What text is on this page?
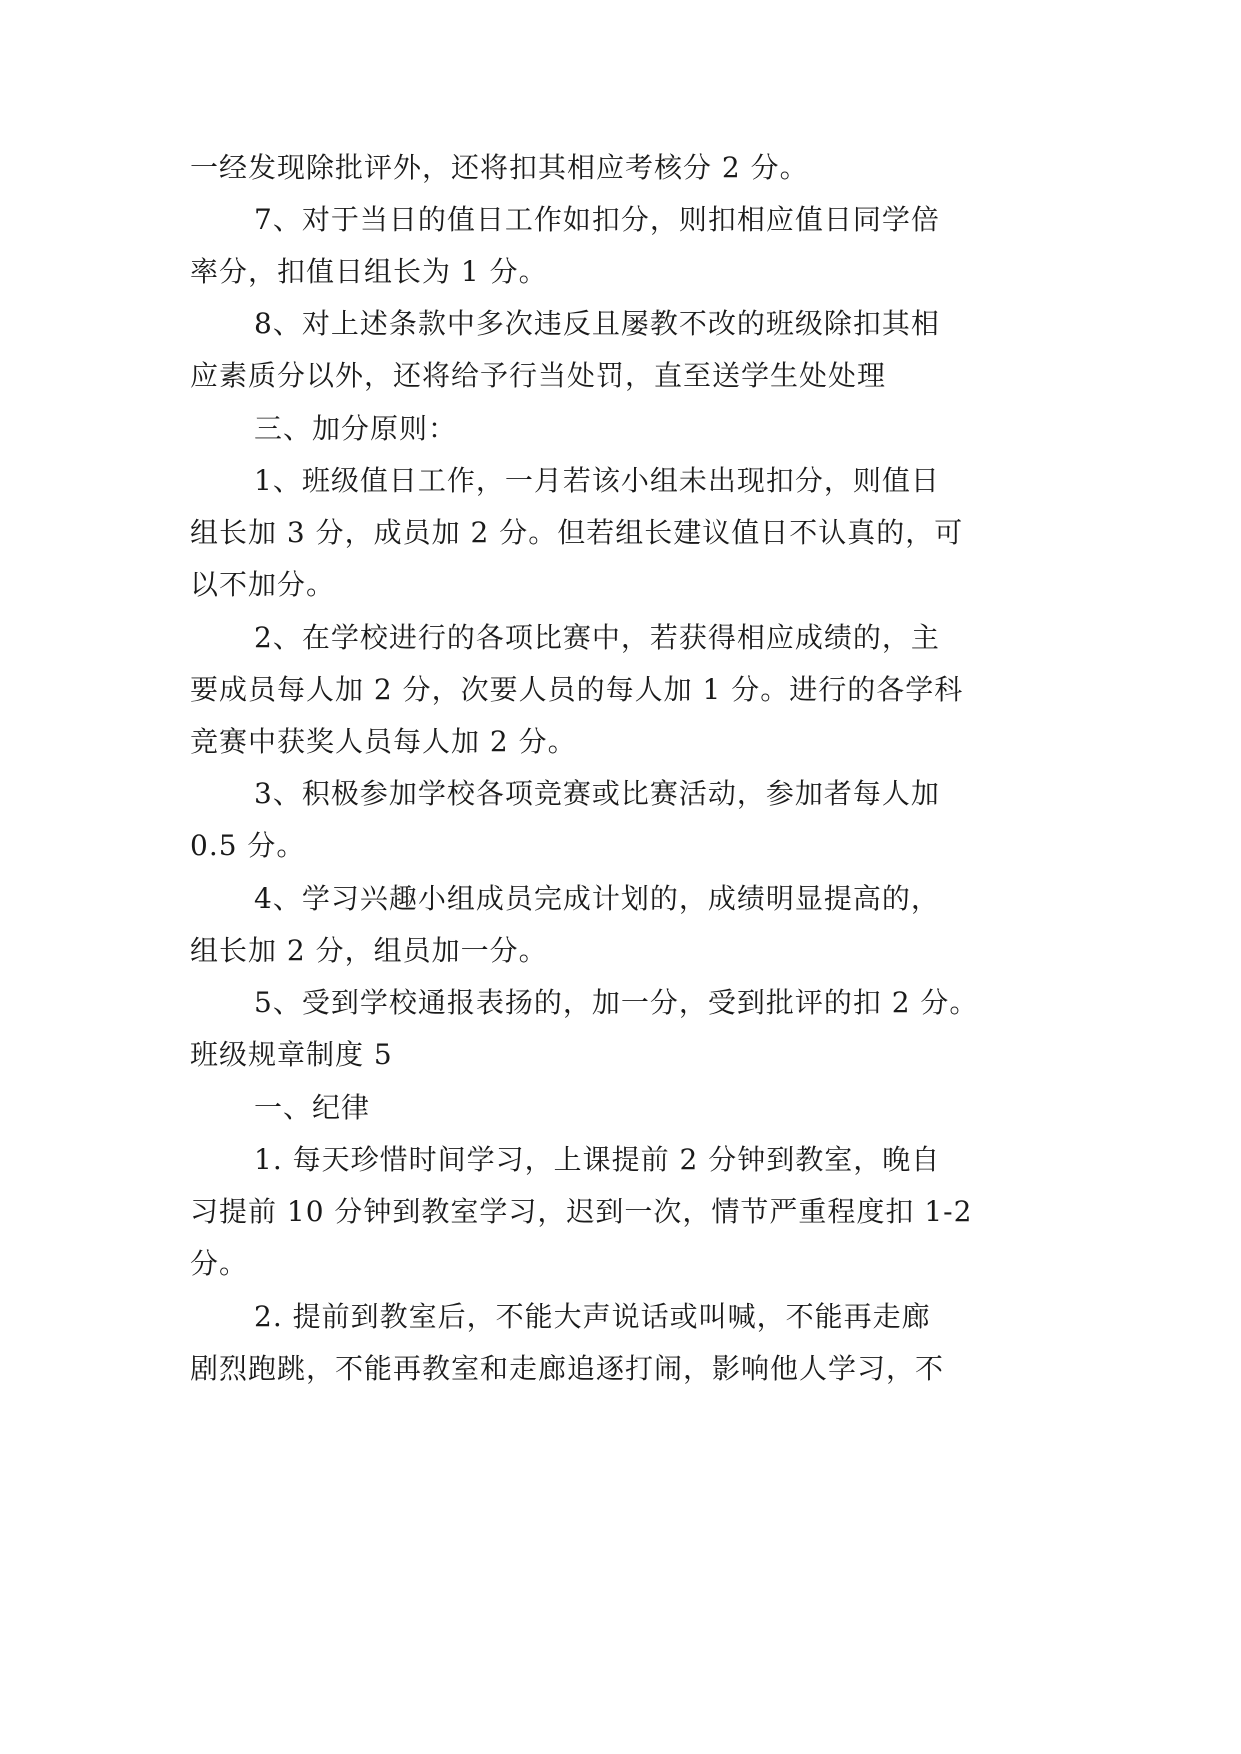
一经发现除批评外，还将扣其相应考核分 2 分。

7、对于当日的值日工作如扣分，则扣相应值日同学倍

率分，扣值日组长为 1 分。

8、对上述条款中多次违反且屡教不改的班级除扣其相

应素质分以外，还将给予行当处罚，直至送学生处处理

三、加分原则：

1、班级值日工作，一月若该小组未出现扣分，则值日

组长加 3 分，成员加 2 分。但若组长建议值日不认真的，可

以不加分。

2、在学校进行的各项比赛中，若获得相应成绩的，主

要成员每人加 2 分，次要人员的每人加 1 分。进行的各学科

竞赛中获奖人员每人加 2 分。

3、积极参加学校各项竞赛或比赛活动，参加者每人加

0.5 分。

4、学习兴趣小组成员完成计划的，成绩明显提高的，

组长加 2 分，组员加一分。

5、受到学校通报表扬的，加一分，受到批评的扣 2 分。

班级规章制度 5

一、纪律

1. 每天珍惜时间学习，上课提前 2 分钟到教室，晚自

习提前 10 分钟到教室学习，迟到一次，情节严重程度扣 1-2

分。

2. 提前到教室后，不能大声说话或叫喊，不能再走廊

剧烈跑跳，不能再教室和走廊追逐打闹，影响他人学习，不
